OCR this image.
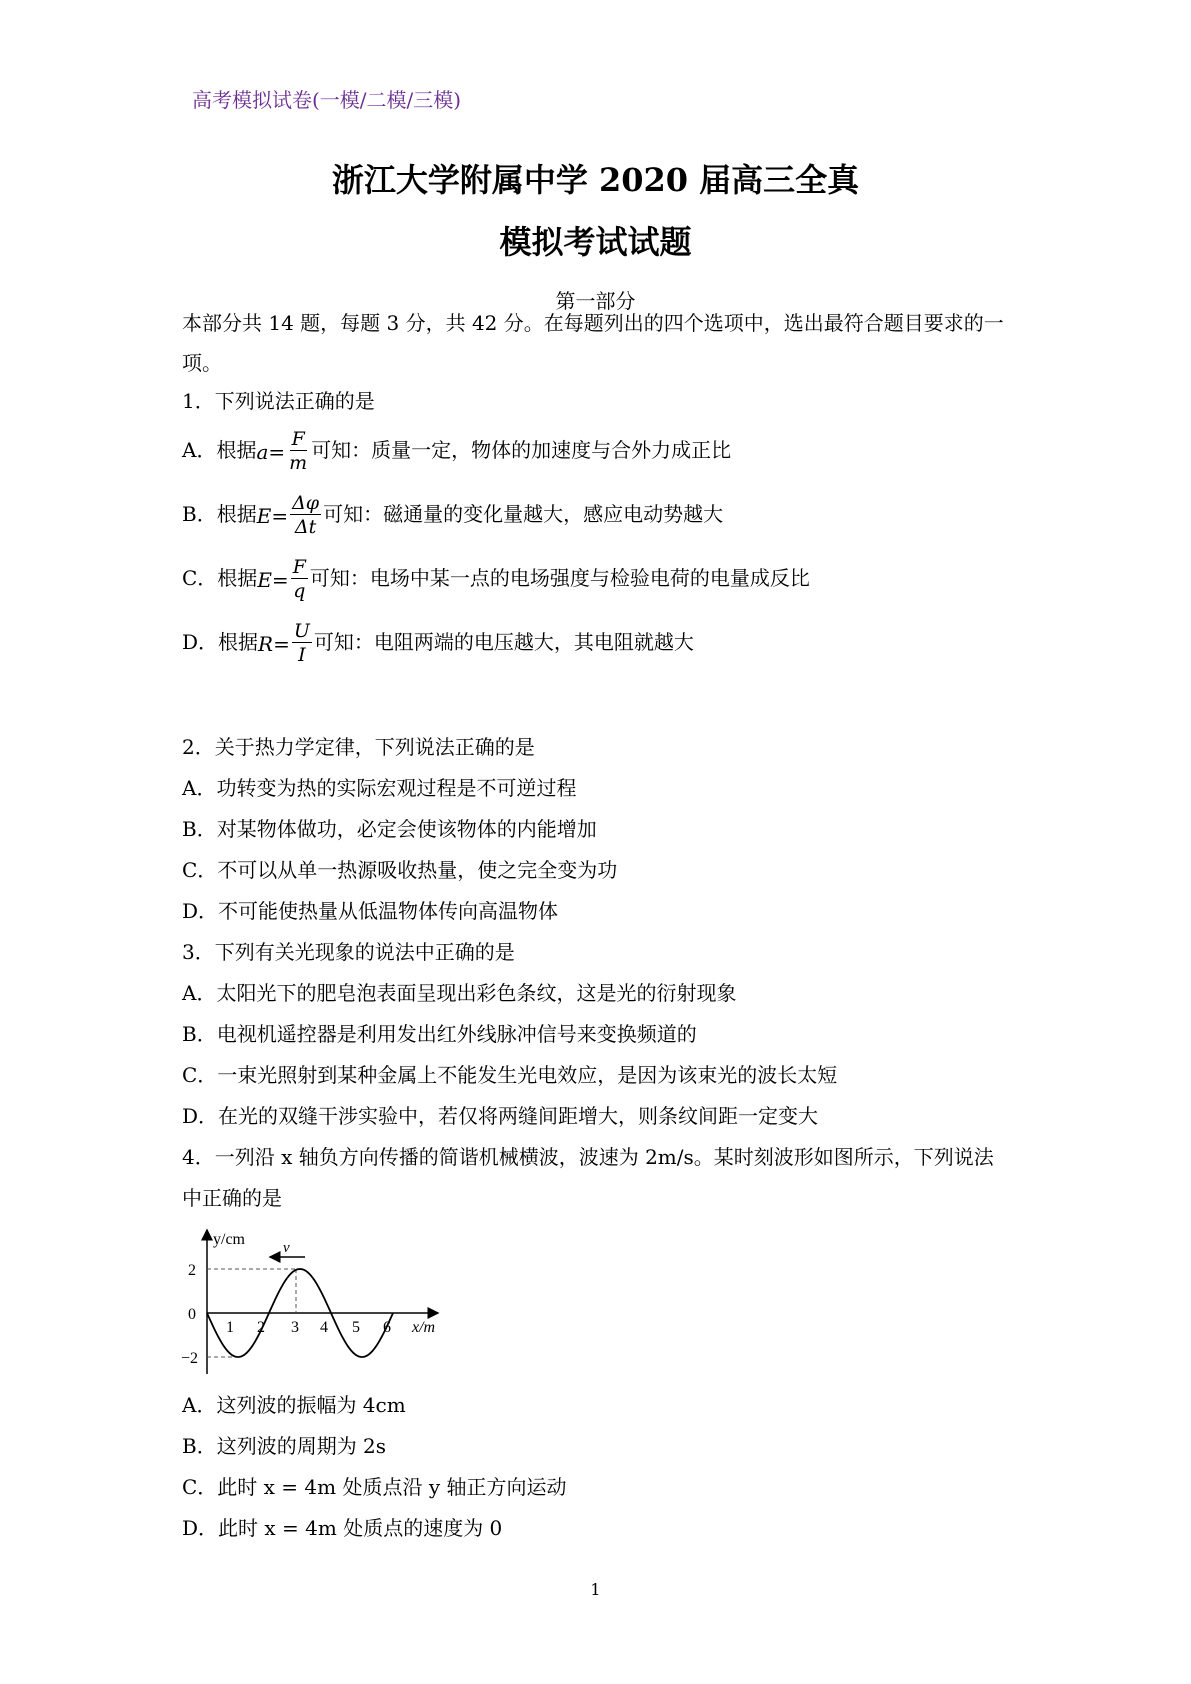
高考模拟试卷(一模/二模/三模)
浙江大学附属中学 2020 届高三全真
模拟考试试题
第一部分
本部分共 14 题，每题 3 分，共 42 分。在每题列出的四个选项中，选出最符合题目要求的一
项。
1．下列说法正确的是
A．根据 $a = \frac{F}{m}$ 可知：质量一定，物体的加速度与合外力成正比
B．根据 $E = \frac{\Delta\varphi}{\Delta t}$ 可知：磁通量的变化量越大，感应电动势越大
C．根据 $E = \frac{F}{q}$ 可知：电场中某一点的电场强度与检验电荷的电量成反比
D．根据 $R = \frac{U}{I}$ 可知：电阻两端的电压越大，其电阻就越大
2．关于热力学定律，下列说法正确的是
A．功转变为热的实际宏观过程是不可逆过程
B．对某物体做功，必定会使该物体的内能增加
C．不可以从单一热源吸收热量，使之完全变为功
D．不可能使热量从低温物体传向高温物体
3．下列有关光现象的说法中正确的是
A．太阳光下的肥皂泡表面呈现出彩色条纹，这是光的衍射现象
B．电视机遥控器是利用发出红外线脉冲信号来变换频道的
C．一束光照射到某种金属上不能发生光电效应，是因为该束光的波长太短
D．在光的双缝干涉实验中，若仅将两缝间距增大，则条纹间距一定变大
4．一列沿 x 轴负方向传播的简谐机械横波，波速为 2m/s。某时刻波形如图所示，下列说法
中正确的是
v
y/cm
x/m
2
0
−2
1 2 3 4 5 6
A．这列波的振幅为 4cm
B．这列波的周期为 2s
C．此时 x = 4m 处质点沿 y 轴正方向运动
D．此时 x = 4m 处质点的速度为 0
1
